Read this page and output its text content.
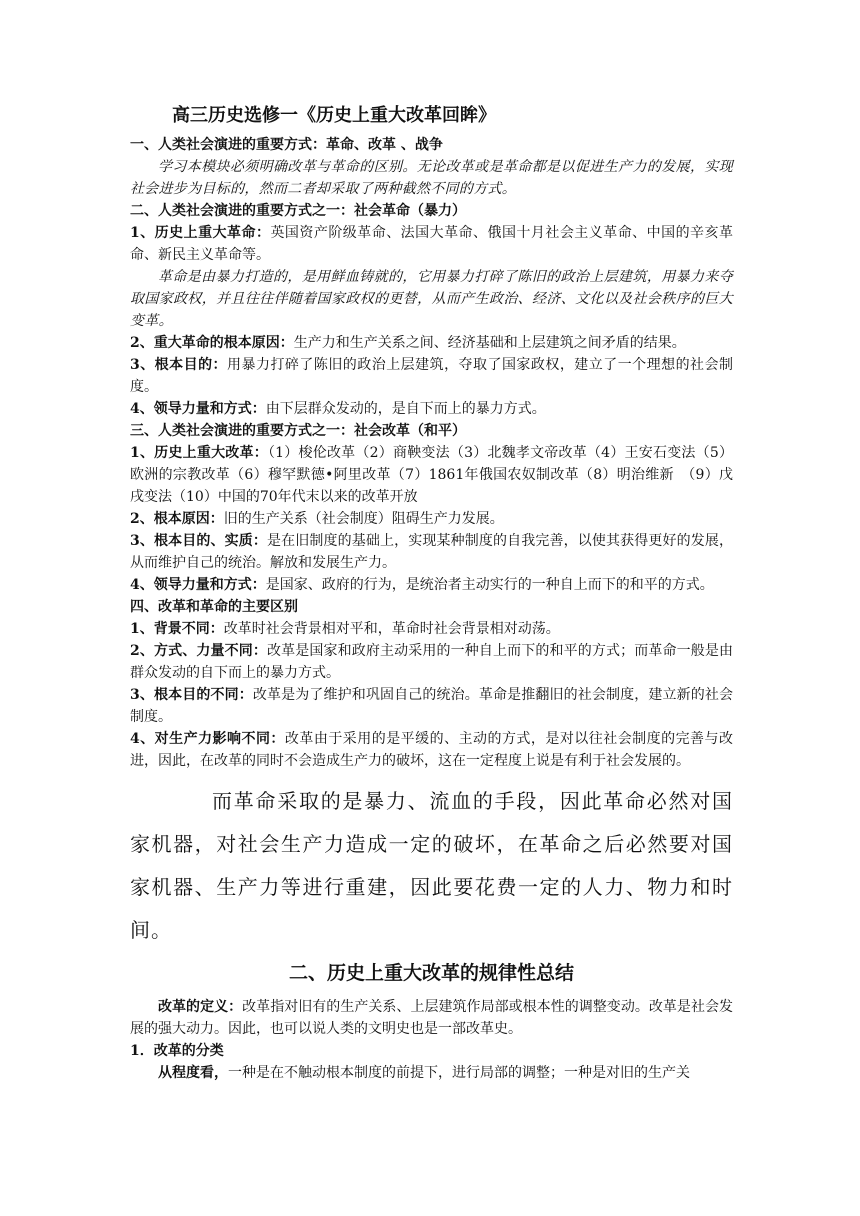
高三历史选修一《历史上重大改革回眸》

一、人类社会演进的重要方式：革命、改革 、战争

学习本模块必须明确改革与革命的区别。无论改革或是革命都是以促进生产力的发展，实现社会进步为目标的，然而二者却采取了两种截然不同的方式。

二、人类社会演进的重要方式之一：社会革命（暴力）

1、历史上重大革命：英国资产阶级革命、法国大革命、俄国十月社会主义革命、中国的辛亥革命、新民主义革命等。

革命是由暴力打造的，是用鲜血铸就的，它用暴力打碎了陈旧的政治上层建筑，用暴力来夺取国家政权，并且往往伴随着国家政权的更替，从而产生政治、经济、文化以及社会秩序的巨大变革。

2、重大革命的根本原因：生产力和生产关系之间、经济基础和上层建筑之间矛盾的结果。

3、根本目的：用暴力打碎了陈旧的政治上层建筑，夺取了国家政权，建立了一个理想的社会制度。

4、领导力量和方式：由下层群众发动的，是自下而上的暴力方式。

三、人类社会演进的重要方式之一：社会改革（和平）

1、历史上重大改革：（1）梭伦改革（2）商鞅变法（3）北魏孝文帝改革（4）王安石变法（5）欧洲的宗教改革（6）穆罕默德•阿里改革（7）1861年俄国农奴制改革（8）明治维新　（9）戊戌变法（10）中国的70年代末以来的改革开放

2、根本原因：旧的生产关系（社会制度）阻碍生产力发展。

3、根本目的、实质：是在旧制度的基础上，实现某种制度的自我完善，以使其获得更好的发展，从而维护自己的统治。解放和发展生产力。

4、领导力量和方式：是国家、政府的行为，是统治者主动实行的一种自上而下的和平的方式。

四、改革和革命的主要区别

1、背景不同：改革时社会背景相对平和，革命时社会背景相对动荡。

2、方式、力量不同：改革是国家和政府主动采用的一种自上而下的和平的方式；而革命一般是由群众发动的自下而上的暴力方式。

3、根本目的不同：改革是为了维护和巩固自己的统治。革命是推翻旧的社会制度，建立新的社会制度。

4、对生产力影响不同：改革由于采用的是平缓的、主动的方式，是对以往社会制度的完善与改进，因此，在改革的同时不会造成生产力的破坏，这在一定程度上说是有利于社会发展的。

而革命采取的是暴力、流血的手段，因此革命必然对国家机器，对社会生产力造成一定的破坏，在革命之后必然要对国家机器、生产力等进行重建，因此要花费一定的人力、物力和时间。

二、历史上重大改革的规律性总结

改革的定义：改革指对旧有的生产关系、上层建筑作局部或根本性的调整变动。改革是社会发展的强大动力。因此，也可以说人类的文明史也是一部改革史。

1．改革的分类

从程度看，一种是在不触动根本制度的前提下，进行局部的调整；一种是对旧的生产关
